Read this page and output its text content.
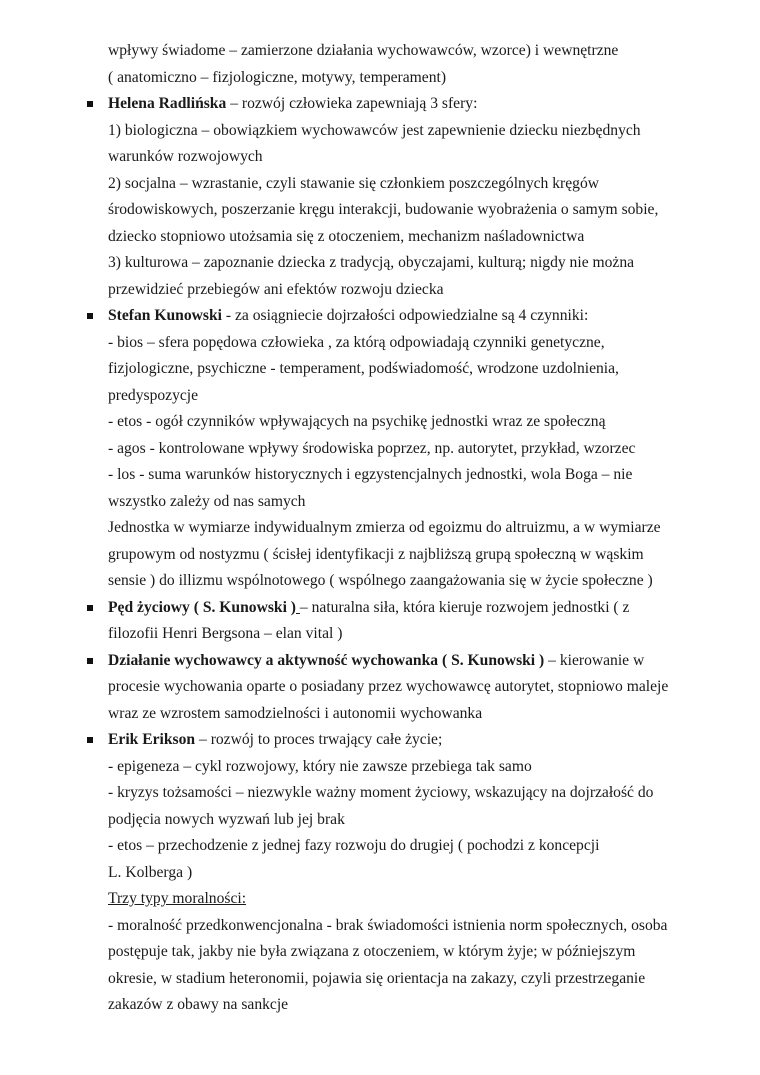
wpływy świadome – zamierzone działania wychowawców, wzorce) i wewnętrzne
( anatomiczno – fizjologiczne, motywy, temperament)
Helena Radlińska – rozwój człowieka zapewniają 3 sfery:
1) biologiczna – obowiązkiem wychowawców jest zapewnienie dziecku niezbędnych
warunków rozwojowych
2) socjalna – wzrastanie, czyli stawanie się członkiem poszczególnych kręgów
środowiskowych, poszerzanie kręgu interakcji, budowanie wyobrażenia o samym sobie,
dziecko stopniowo utożsamia się z otoczeniem, mechanizm naśladownictwa
3) kulturowa – zapoznanie dziecka z tradycją, obyczajami, kulturą; nigdy nie można
przewidzieć przebiegów ani efektów rozwoju dziecka
Stefan Kunowski - za osiągniecie dojrzałości odpowiedzialne są 4 czynniki:
- bios – sfera popędowa człowieka , za którą odpowiadają czynniki genetyczne,
fizjologiczne, psychiczne - temperament, podświadomość, wrodzone uzdolnienia,
predyspozycje
- etos - ogół czynników wpływających na psychikę jednostki wraz ze społeczną
- agos - kontrolowane wpływy środowiska poprzez, np. autorytet, przykład, wzorzec
- los - suma warunków historycznych i egzystencjalnych jednostki, wola Boga – nie
wszystko zależy od nas samych
Jednostka w wymiarze indywidualnym zmierza od egoizmu do altruizmu, a w wymiarze
grupowym od nostyzmu ( ścisłej identyfikacji z najbliższą grupą społeczną w wąskim
sensie ) do illizmu wspólnotowego ( wspólnego zaangażowania się w życie społeczne )
Pęd życiowy ( S. Kunowski ) – naturalna siła, która kieruje rozwojem jednostki ( z
filozofii Henri Bergsona – elan vital )
Działanie wychowawcy a aktywność wychowanka ( S. Kunowski ) – kierowanie w
procesie wychowania oparte o posiadany przez wychowawcę autorytet, stopniowo maleje
wraz ze wzrostem samodzielności i autonomii wychowanka
Erik Erikson – rozwój to proces trwający całe życie;
- epigeneza – cykl rozwojowy, który nie zawsze przebiega tak samo
- kryzys tożsamości – niezwykle ważny moment życiowy, wskazujący na dojrzałość do
podjęcia nowych wyzwań lub jej brak
- etos – przechodzenie z jednej fazy rozwoju do drugiej ( pochodzi z koncepcji
L. Kolberga )
Trzy typy moralności:
- moralność przedkonwencjonalna - brak świadomości istnienia norm społecznych, osoba
postępuje tak, jakby nie była związana z otoczeniem, w którym żyje; w późniejszym
okresie, w stadium heteronomii, pojawia się orientacja na zakazy, czyli przestrzeganie
zakazów z obawy na sankcje
